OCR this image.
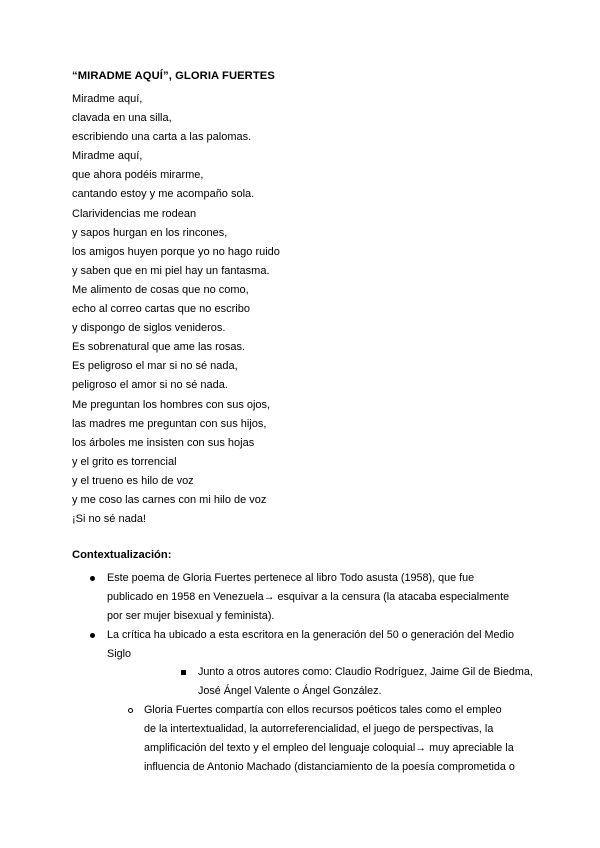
“MIRADME AQUÍ”, GLORIA FUERTES
Miradme aquí,
clavada en una silla,
escribiendo una carta a las palomas.
Miradme aquí,
que ahora podéis mirarme,
cantando estoy y me acompaño sola.
Clarividencias me rodean
y sapos hurgan en los rincones,
los amigos huyen porque yo no hago ruido
y saben que en mi piel hay un fantasma.
Me alimento de cosas que no como,
echo al correo cartas que no escribo
y dispongo de siglos venideros.
Es sobrenatural que ame las rosas.
Es peligroso el mar si no sé nada,
peligroso el amor si no sé nada.
Me preguntan los hombres con sus ojos,
las madres me preguntan con sus hijos,
los árboles me insisten con sus hojas
y el grito es torrencial
y el trueno es hilo de voz
y me coso las carnes con mi hilo de voz
¡Si no sé nada!
Contextualización:
Este poema de Gloria Fuertes pertenece al libro Todo asusta (1958), que fue
publicado en 1958 en Venezuela→ esquivar a la censura (la atacaba especialmente
por ser mujer bisexual y feminista).
La crítica ha ubicado a esta escritora en la generación del 50 o generación del Medio
Siglo
Junto a otros autores como: Claudio Rodríguez, Jaime Gil de Biedma,
José Ángel Valente o Ángel González.
Gloria Fuertes compartía con ellos recursos poéticos tales como el empleo
de la intertextualidad, la autorreferencialidad, el juego de perspectivas, la
amplificación del texto y el empleo del lenguaje coloquial→ muy apreciable la
influencia de Antonio Machado (distanciamiento de la poesía comprometida o
